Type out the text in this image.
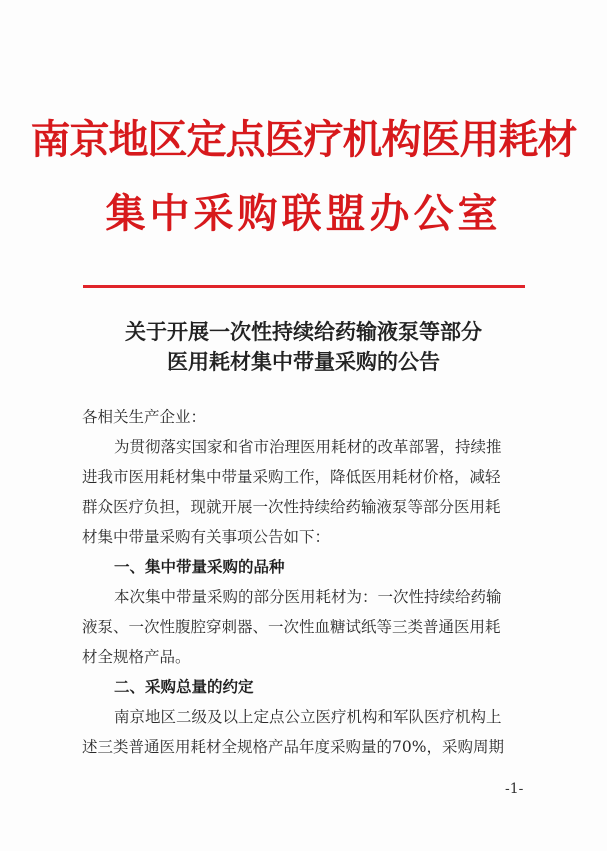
南京地区定点医疗机构医用耗材
集中采购联盟办公室
关于开展一次性持续给药输液泵等部分
医用耗材集中带量采购的公告
各相关生产企业：
为贯彻落实国家和省市治理医用耗材的改革部署，持续推
进我市医用耗材集中带量采购工作，降低医用耗材价格，减轻
群众医疗负担，现就开展一次性持续给药输液泵等部分医用耗
材集中带量采购有关事项公告如下：
一、集中带量采购的品种
本次集中带量采购的部分医用耗材为：一次性持续给药输
液泵、一次性腹腔穿刺器、一次性血糖试纸等三类普通医用耗
材全规格产品。
二、采购总量的约定
南京地区二级及以上定点公立医疗机构和军队医疗机构上
述三类普通医用耗材全规格产品年度采购量的70%，采购周期
-1-
